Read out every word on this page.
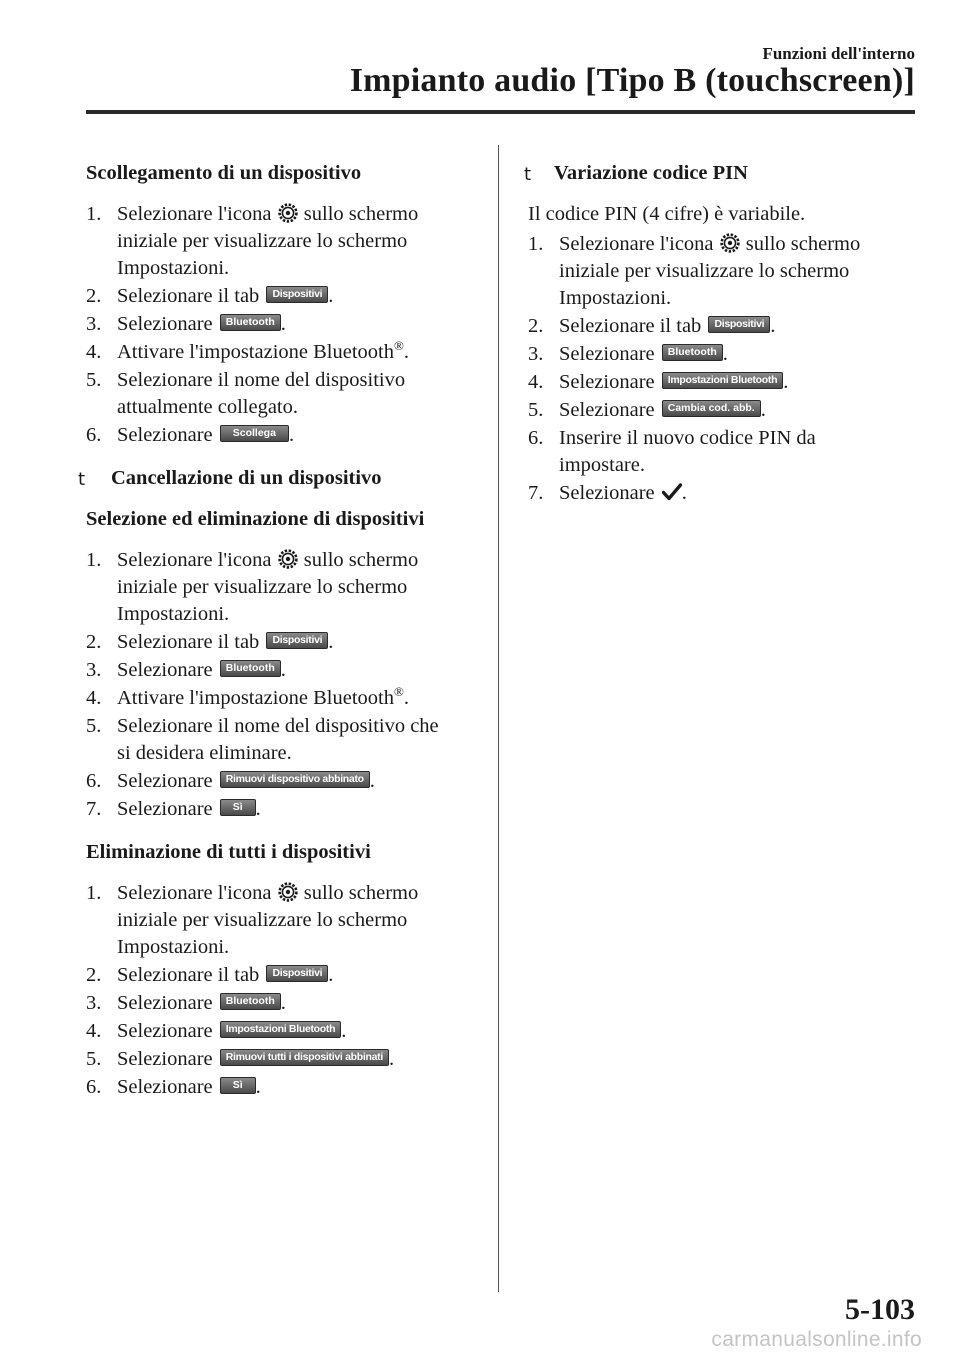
Funzioni dell'interno
Impianto audio [Tipo B (touchscreen)]
Scollegamento di un dispositivo
1. Selezionare l'icona sullo schermo
iniziale per visualizzare lo schermo
Impostazioni.
2. Selezionare il tab Dispositivi .
3. Selezionare Bluetooth .
4. Attivare l'impostazione Bluetooth®.
5. Selezionare il nome del dispositivo
attualmente collegato.
6. Selezionare Scollega .
t	Cancellazione di un dispositivo
Selezione ed eliminazione di dispositivi
1. Selezionare l'icona sullo schermo
iniziale per visualizzare lo schermo
Impostazioni.
2. Selezionare il tab Dispositivi .
3. Selezionare Bluetooth .
4. Attivare l'impostazione Bluetooth®.
5. Selezionare il nome del dispositivo che
si desidera eliminare.
6. Selezionare Rimuovi dispositivo abbinato .
7. Selezionare Sì .
Eliminazione di tutti i dispositivi
1. Selezionare l'icona sullo schermo
iniziale per visualizzare lo schermo
Impostazioni.
2. Selezionare il tab Dispositivi .
3. Selezionare Bluetooth .
4. Selezionare Impostazioni Bluetooth .
5. Selezionare Rimuovi tutti i dispositivi abbinati .
6. Selezionare Sì .
t	Variazione codice PIN
Il codice PIN (4 cifre) è variabile.
1. Selezionare l'icona sullo schermo
iniziale per visualizzare lo schermo
Impostazioni.
2. Selezionare il tab Dispositivi .
3. Selezionare Bluetooth .
4. Selezionare Impostazioni Bluetooth .
5. Selezionare Cambia cod. abb. .
6. Inserire il nuovo codice PIN da
impostare.
7. Selezionare .
5-103
carmanualsonline.info
